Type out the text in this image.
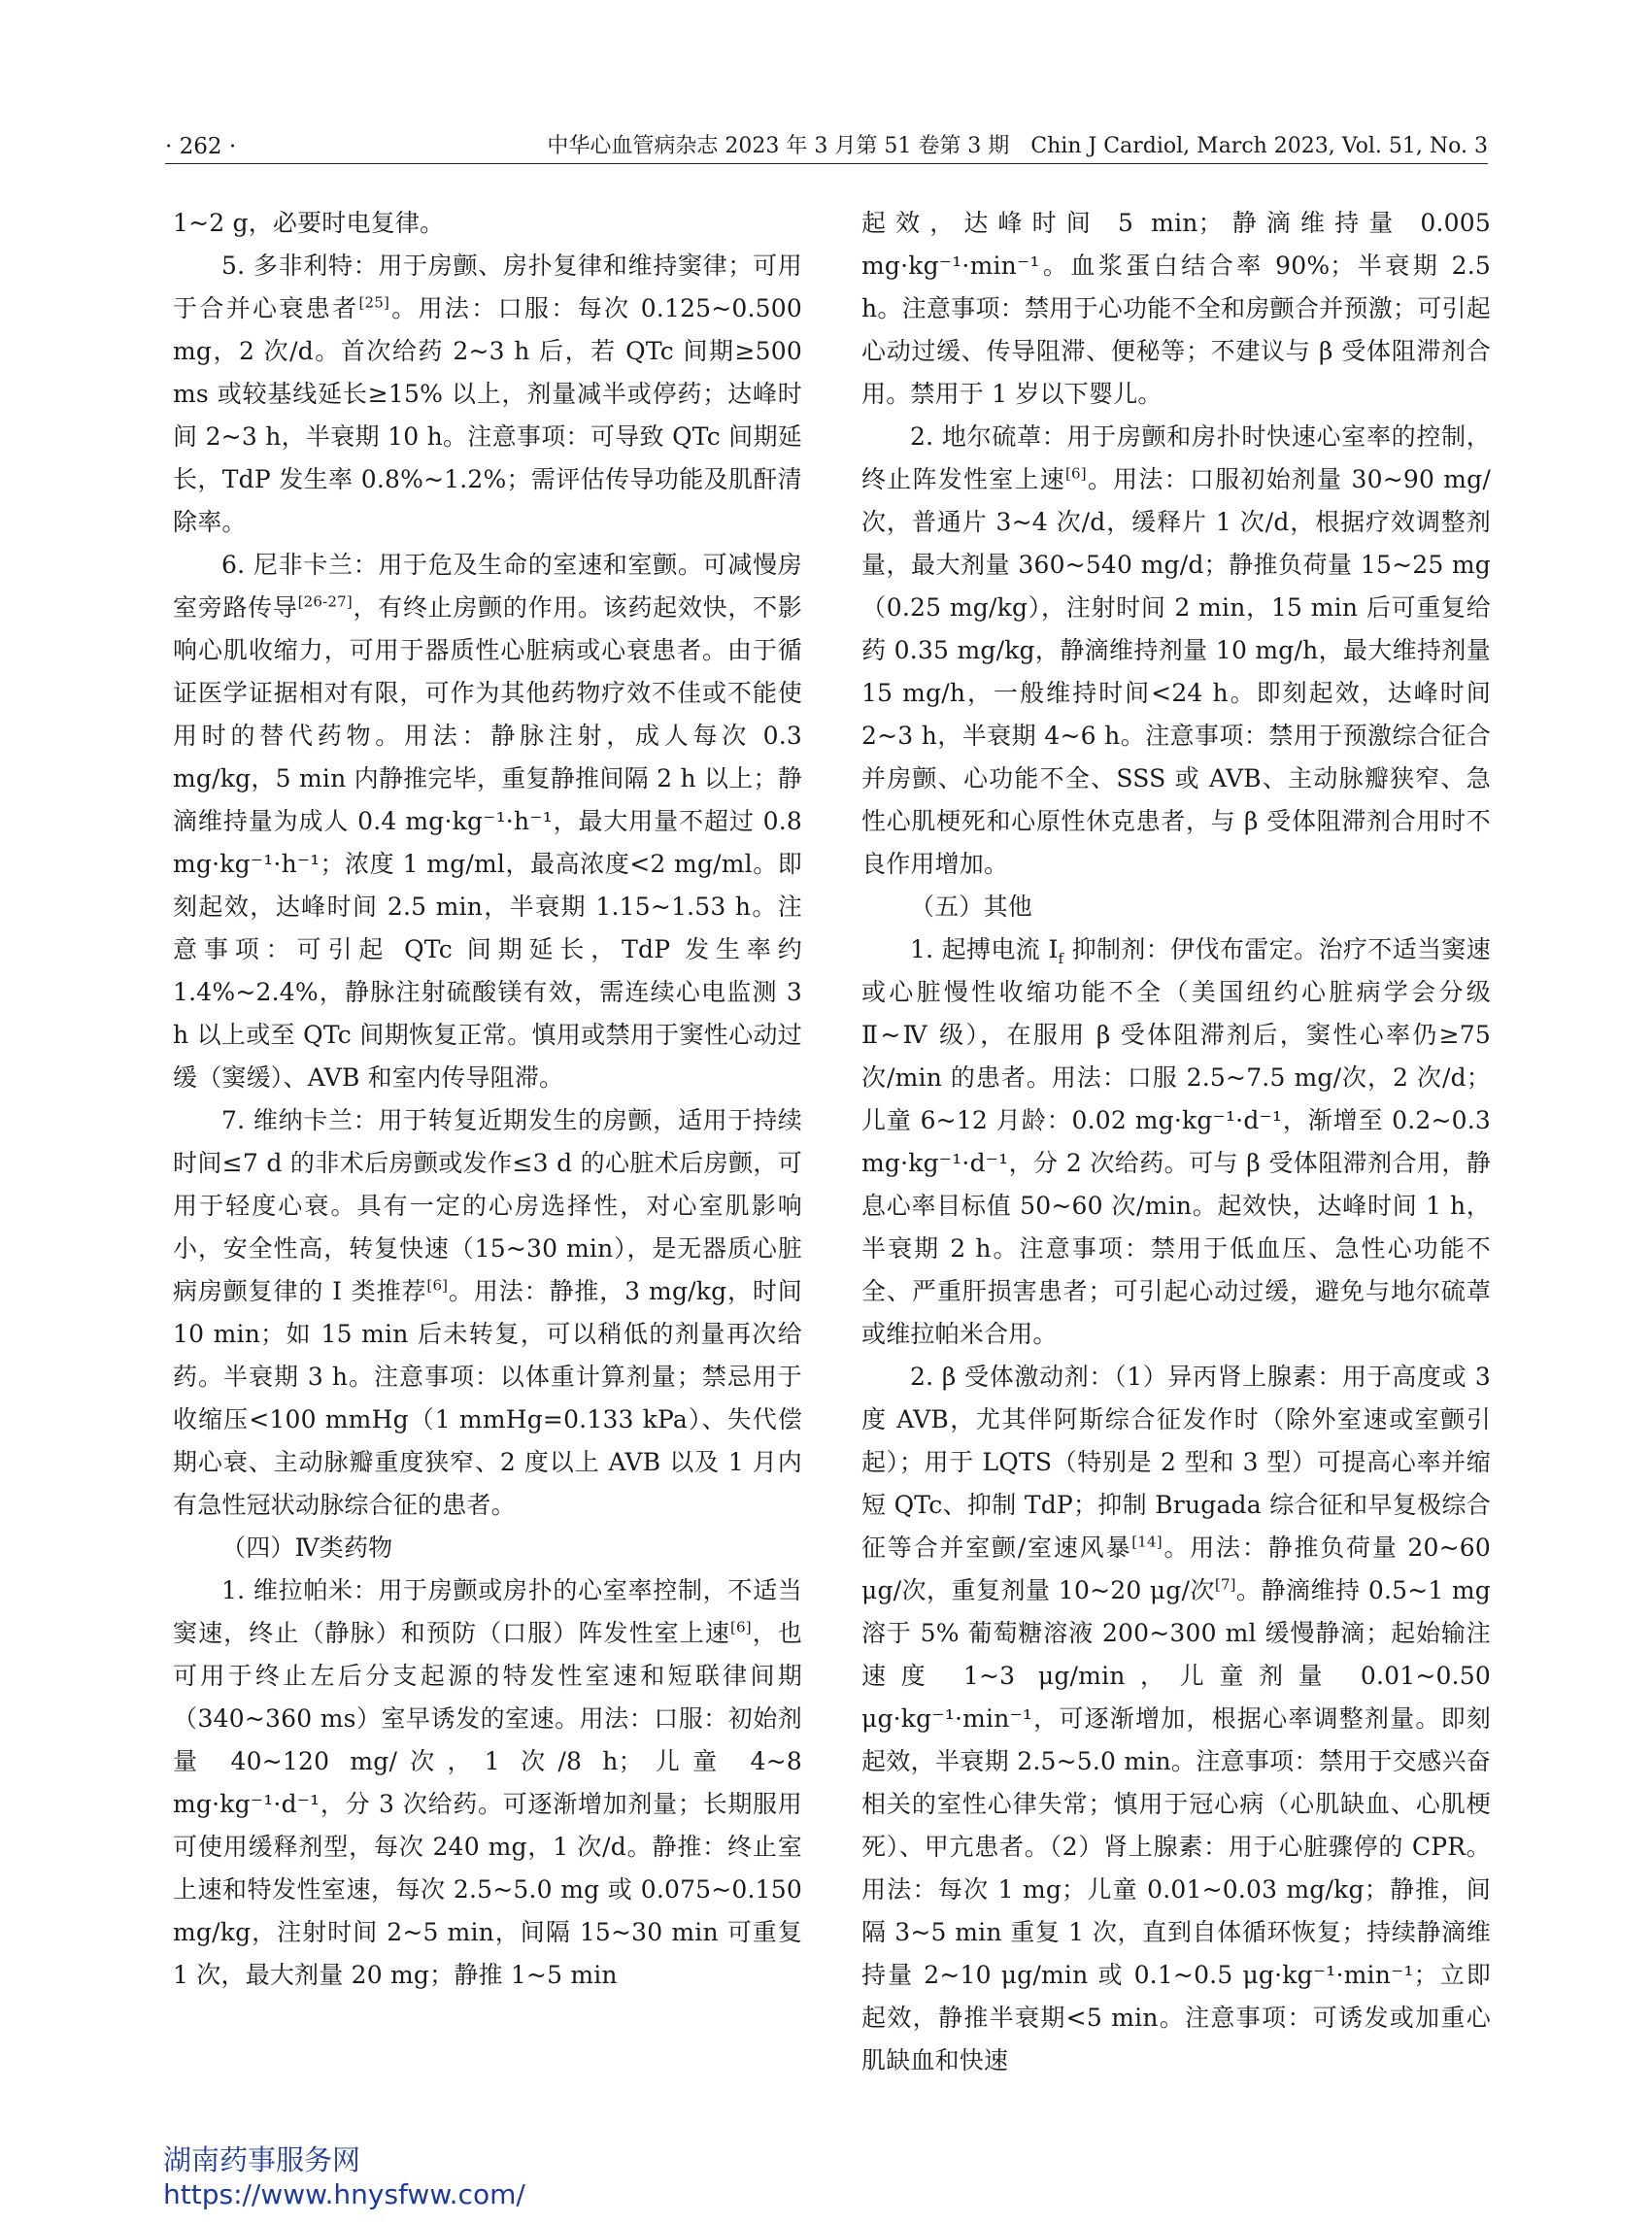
· 262 ·	中华心血管病杂志 2023 年 3 月第 51 卷第 3 期　Chin J Cardiol, March 2023, Vol. 51, No. 3

1~2 g，必要时电复律。

5. 多非利特：用于房颤、房扑复律和维持窦律；可用于合并心衰患者[25]。用法：口服：每次 0.125~0.500 mg，2 次/d。首次给药 2~3 h 后，若 QTc 间期≥500 ms 或较基线延长≥15% 以上，剂量减半或停药；达峰时间 2~3 h，半衰期 10 h。注意事项：可导致 QTc 间期延长，TdP 发生率 0.8%~1.2%；需评估传导功能及肌酐清除率。

6. 尼非卡兰：用于危及生命的室速和室颤。可减慢房室旁路传导[26-27]，有终止房颤的作用。该药起效快，不影响心肌收缩力，可用于器质性心脏病或心衰患者。由于循证医学证据相对有限，可作为其他药物疗效不佳或不能使用时的替代药物。用法：静脉注射，成人每次 0.3 mg/kg，5 min 内静推完毕，重复静推间隔 2 h 以上；静滴维持量为成人 0.4 mg·kg⁻¹·h⁻¹，最大用量不超过 0.8 mg·kg⁻¹·h⁻¹；浓度 1 mg/ml，最高浓度<2 mg/ml。即刻起效，达峰时间 2.5 min，半衰期 1.15~1.53 h。注意事项：可引起 QTc 间期延长，TdP 发生率约 1.4%~2.4%，静脉注射硫酸镁有效，需连续心电监测 3 h 以上或至 QTc 间期恢复正常。慎用或禁用于窦性心动过缓（窦缓）、AVB 和室内传导阻滞。

7. 维纳卡兰：用于转复近期发生的房颤，适用于持续时间≤7 d 的非术后房颤或发作≤3 d 的心脏术后房颤，可用于轻度心衰。具有一定的心房选择性，对心室肌影响小，安全性高，转复快速（15~30 min），是无器质心脏病房颤复律的 Ⅰ 类推荐[6]。用法：静推，3 mg/kg，时间 10 min；如 15 min 后未转复，可以稍低的剂量再次给药。半衰期 3 h。注意事项：以体重计算剂量；禁忌用于收缩压<100 mmHg（1 mmHg=0.133 kPa）、失代偿期心衰、主动脉瓣重度狭窄、2 度以上 AVB 以及 1 月内有急性冠状动脉综合征的患者。

（四）Ⅳ类药物

1. 维拉帕米：用于房颤或房扑的心室率控制，不适当窦速，终止（静脉）和预防（口服）阵发性室上速[6]，也可用于终止左后分支起源的特发性室速和短联律间期（340~360 ms）室早诱发的室速。用法：口服：初始剂量 40~120 mg/次，1 次/8 h；儿童 4~8 mg·kg⁻¹·d⁻¹，分 3 次给药。可逐渐增加剂量；长期服用可使用缓释剂型，每次 240 mg，1 次/d。静推：终止室上速和特发性室速，每次 2.5~5.0 mg 或 0.075~0.150 mg/kg，注射时间 2~5 min，间隔 15~30 min 可重复 1 次，最大剂量 20 mg；静推 1~5 min

起效，达峰时间 5 min；静滴维持量 0.005 mg·kg⁻¹·min⁻¹。血浆蛋白结合率 90%；半衰期 2.5 h。注意事项：禁用于心功能不全和房颤合并预激；可引起心动过缓、传导阻滞、便秘等；不建议与 β 受体阻滞剂合用。禁用于 1 岁以下婴儿。

2. 地尔硫䓬：用于房颤和房扑时快速心室率的控制，终止阵发性室上速[6]。用法：口服初始剂量 30~90 mg/次，普通片 3~4 次/d，缓释片 1 次/d，根据疗效调整剂量，最大剂量 360~540 mg/d；静推负荷量 15~25 mg（0.25 mg/kg），注射时间 2 min，15 min 后可重复给药 0.35 mg/kg，静滴维持剂量 10 mg/h，最大维持剂量 15 mg/h，一般维持时间<24 h。即刻起效，达峰时间 2~3 h，半衰期 4~6 h。注意事项：禁用于预激综合征合并房颤、心功能不全、SSS 或 AVB、主动脉瓣狭窄、急性心肌梗死和心原性休克患者，与 β 受体阻滞剂合用时不良作用增加。

（五）其他

1. 起搏电流 $I_f$ 抑制剂：伊伐布雷定。治疗不适当窦速或心脏慢性收缩功能不全（美国纽约心脏病学会分级 Ⅱ~Ⅳ 级），在服用 β 受体阻滞剂后，窦性心率仍≥75 次/min 的患者。用法：口服 2.5~7.5 mg/次，2 次/d；儿童 6~12 月龄：0.02 mg·kg⁻¹·d⁻¹，渐增至 0.2~0.3 mg·kg⁻¹·d⁻¹，分 2 次给药。可与 β 受体阻滞剂合用，静息心率目标值 50~60 次/min。起效快，达峰时间 1 h，半衰期 2 h。注意事项：禁用于低血压、急性心功能不全、严重肝损害患者；可引起心动过缓，避免与地尔硫䓬或维拉帕米合用。

2. β 受体激动剂：（1）异丙肾上腺素：用于高度或 3 度 AVB，尤其伴阿斯综合征发作时（除外室速或室颤引起）；用于 LQTS（特别是 2 型和 3 型）可提高心率并缩短 QTc、抑制 TdP；抑制 Brugada 综合征和早复极综合征等合并室颤/室速风暴[14]。用法：静推负荷量 20~60 μg/次，重复剂量 10~20 μg/次[7]。静滴维持 0.5~1 mg 溶于 5% 葡萄糖溶液 200~300 ml 缓慢静滴；起始输注速度 1~3 μg/min，儿童剂量 0.01~0.50 μg·kg⁻¹·min⁻¹，可逐渐增加，根据心率调整剂量。即刻起效，半衰期 2.5~5.0 min。注意事项：禁用于交感兴奋相关的室性心律失常；慎用于冠心病（心肌缺血、心肌梗死）、甲亢患者。（2）肾上腺素：用于心脏骤停的 CPR。用法：每次 1 mg；儿童 0.01~0.03 mg/kg；静推，间隔 3~5 min 重复 1 次，直到自体循环恢复；持续静滴维持量 2~10 μg/min 或 0.1~0.5 μg·kg⁻¹·min⁻¹；立即起效，静推半衰期<5 min。注意事项：可诱发或加重心肌缺血和快速

湖南药事服务网
https://www.hnysfww.com/
